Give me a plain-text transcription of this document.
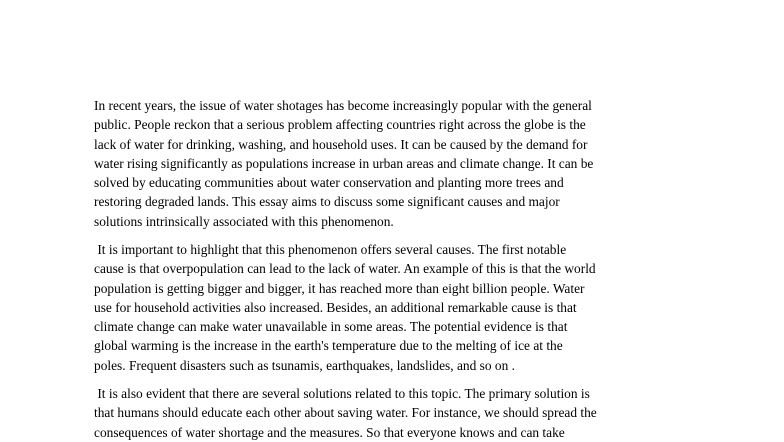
In recent years, the issue of water shotages has become increasingly popular with the general
public. People reckon that a serious problem affecting countries right across the globe is the
lack of water for drinking, washing, and household uses. It can be caused by the demand for
water rising significantly as populations increase in urban areas and climate change. It can be
solved by educating communities about water conservation and planting more trees and
restoring degraded lands. This essay aims to discuss some significant causes and major
solutions intrinsically associated with this phenomenon.
It is important to highlight that this phenomenon offers several causes. The first notable
cause is that overpopulation can lead to the lack of water. An example of this is that the world
population is getting bigger and bigger, it has reached more than eight billion people. Water
use for household activities also increased. Besides, an additional remarkable cause is that
climate change can make water unavailable in some areas. The potential evidence is that
global warming is the increase in the earth's temperature due to the melting of ice at the
poles. Frequent disasters such as tsunamis, earthquakes, landslides, and so on .
It is also evident that there are several solutions related to this topic. The primary solution is
that humans should educate each other about saving water. For instance, we should spread the
consequences of water shortage and the measures. So that everyone knows and can take
